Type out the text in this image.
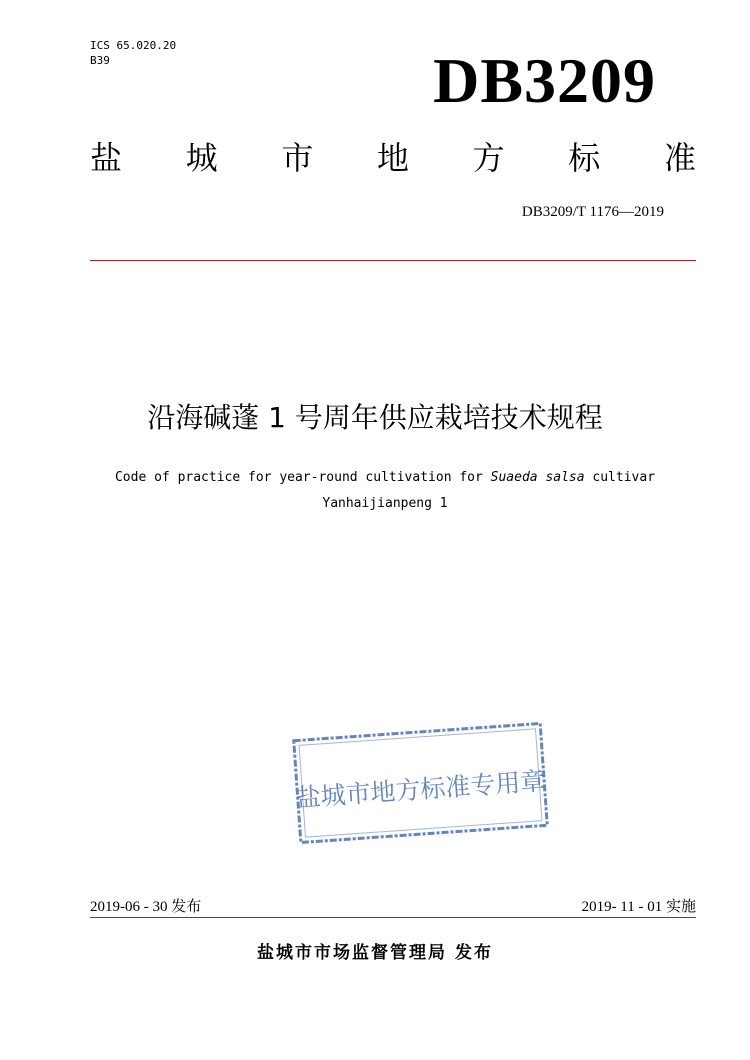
ICS 65.020.20
B39	DB3209
盐 城 市 地 方 标 准
DB3209/T 1176—2019
沿海碱蓬 1 号周年供应栽培技术规程
Code of practice for year-round cultivation for Suaeda salsa cultivar
Yanhaijianpeng 1
盐城市地方标准专用章
2019-06 - 30 发布	2019- 11 - 01 实施
盐城市市场监督管理局 发布
